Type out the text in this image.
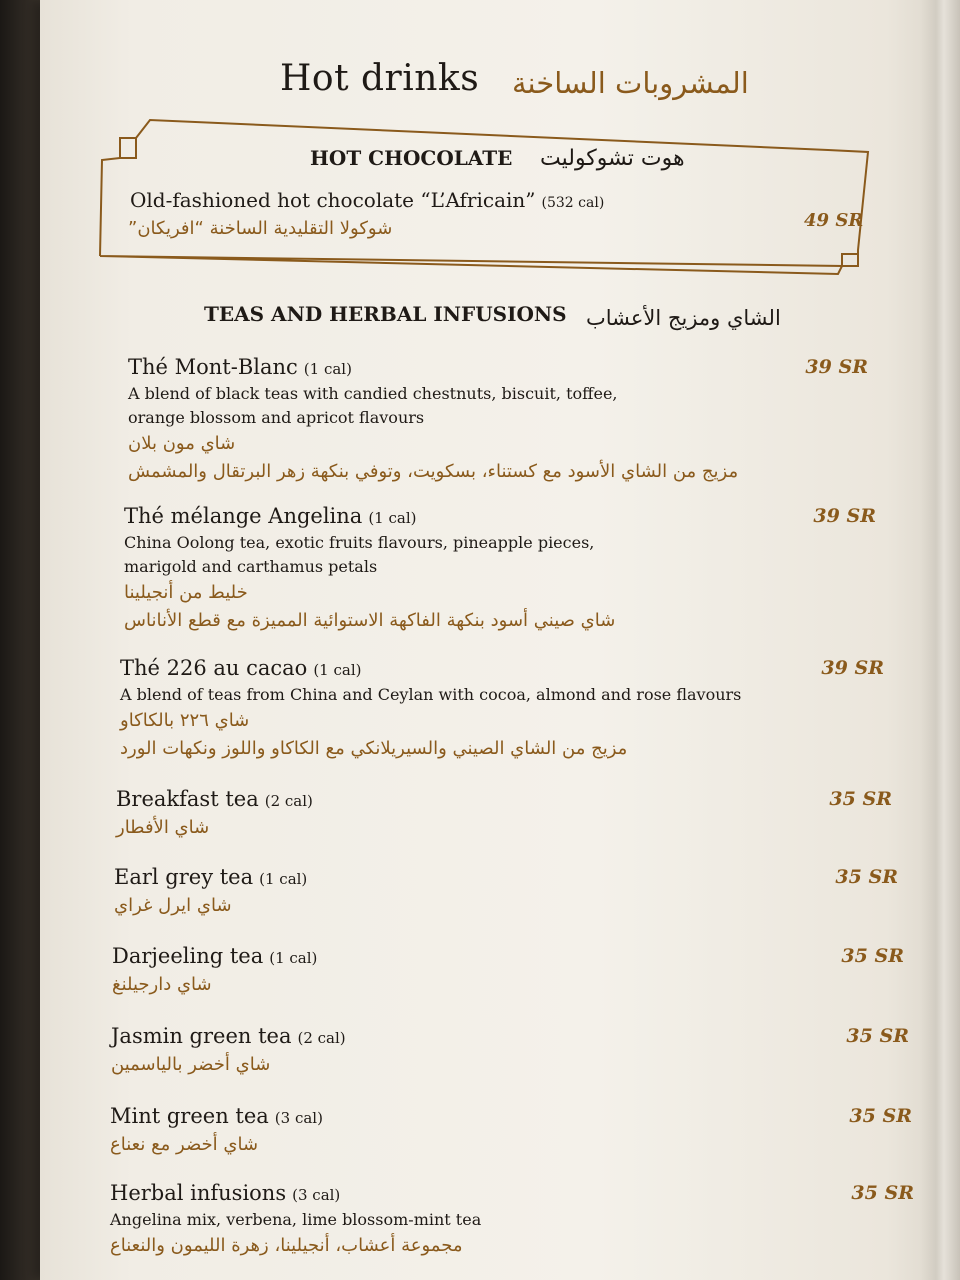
Hot drinks المشروبات الساخنة
HOT CHOCOLATE هوت تشوكوليت
Old-fashioned hot chocolate “L’Africain” (532 cal)
شوكولا التقليدية الساخنة “افريكان”	49 SR
TEAS AND HERBAL INFUSIONS الشاي ومزيج الأعشاب
Thé Mont-Blanc (1 cal)
A blend of black teas with candied chestnuts, biscuit, toffee, orange blossom and apricot flavours
شاي مون بلان
مزيج من الشاي الأسود مع كستناء، بسكويت، وتوفي بنكهة زهر البرتقال والمشمش
39 SR
Thé mélange Angelina (1 cal)
China Oolong tea, exotic fruits flavours, pineapple pieces, marigold and carthamus petals
خليط من أنجيلينا
شاي صيني أسود بنكهة الفاكهة الاستوائية المميزة مع قطع الأناناس
39 SR
Thé 226 au cacao (1 cal)
A blend of teas from China and Ceylan with cocoa, almond and rose flavours
شاي ٢٢٦ بالكاكاو
مزيج من الشاي الصيني والسيريلانكي مع الكاكاو واللوز ونكهات الورد
39 SR
Breakfast tea (2 cal)
شاي الأفطار
35 SR
Earl grey tea (1 cal)
شاي ايرل غراي
35 SR
Darjeeling tea (1 cal)
شاي دارجيلنغ
35 SR
Jasmin green tea (2 cal)
شاي أخضر بالياسمين
35 SR
Mint green tea (3 cal)
شاي أخضر مع نعناع
35 SR
Herbal infusions (3 cal)
Angelina mix, verbena, lime blossom-mint tea
مجموعة أعشاب، أنجيلينا، زهرة الليمون والنعناع
35 SR
